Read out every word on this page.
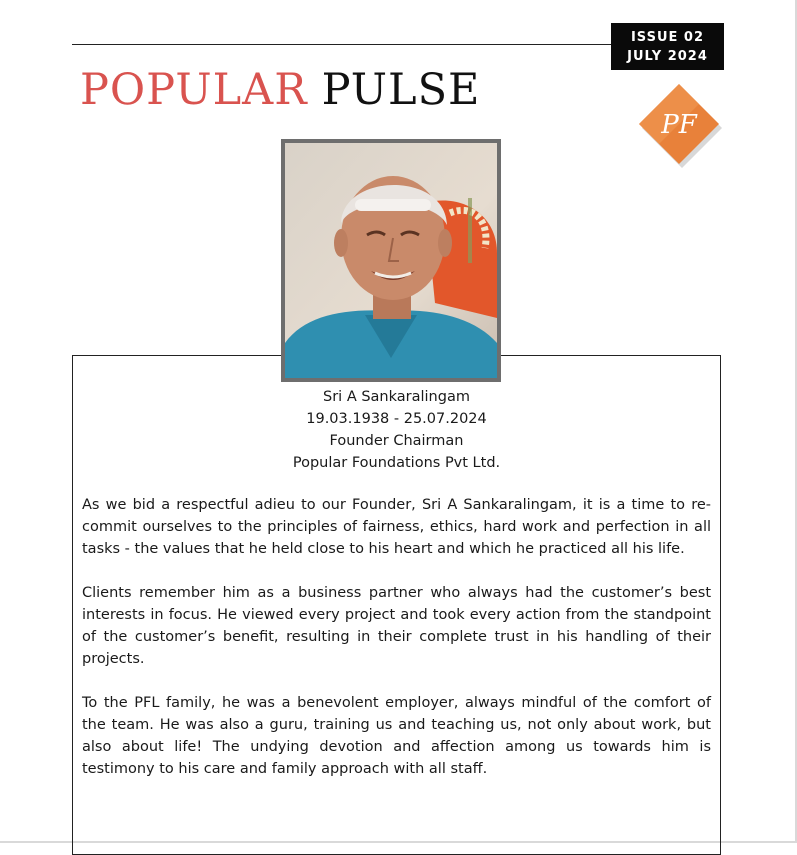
ISSUE 02
JULY 2024
POPULAR PULSE
PF
Sri A Sankaralingam
19.03.1938 - 25.07.2024
Founder Chairman
Popular Foundations Pvt Ltd.

As we bid a respectful adieu to our Founder, Sri A Sankaralingam, it is a time to re-commit ourselves to the principles of fairness, ethics, hard work and perfection in all tasks - the values that he held close to his heart and which he practiced all his life.

Clients remember him as a business partner who always had the customer’s best interests in focus. He viewed every project and took every action from the standpoint of the customer’s benefit, resulting in their complete trust in his handling of their projects.

To the PFL family, he was a benevolent employer, always mindful of the comfort of the team. He was also a guru, training us and teaching us, not only about work, but also about life! The undying devotion and affection among us towards him is testimony to his care and family approach with all staff.
